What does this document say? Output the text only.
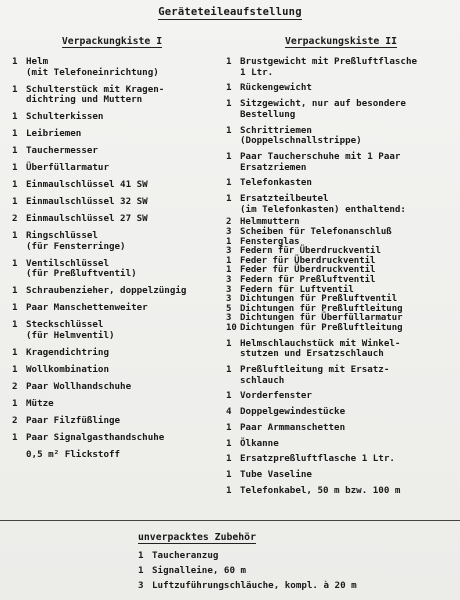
Geräteteileaufstellung
Verpackungkiste I
1 Helm
(mit Telefoneinrichtung)
1 Schulterstück mit Kragen-
dichtring und Muttern
1 Schulterkissen
1 Leibriemen
1 Tauchermesser
1 Überfüllarmatur
1 Einmaulschlüssel 41 SW
1 Einmaulschlüssel 32 SW
2 Einmaulschlüssel 27 SW
1 Ringschlüssel
(für Fensterringe)
1 Ventilschlüssel
(für Preßluftventil)
1 Schraubenzieher, doppelzüngig
1 Paar Manschettenweiter
1 Steckschlüssel
(für Helmventil)
1 Kragendichtring
1 Wollkombination
2 Paar Wollhandschuhe
1 Mütze
2 Paar Filzfüßlinge
1 Paar Signalgasthandschuhe
0,5 m² Flickstoff
Verpackungskiste II
1 Brustgewicht mit Preßluftflasche
1 Ltr.
1 Rückengewicht
1 Sitzgewicht, nur auf besondere
Bestellung
1 Schrittriemen
(Doppelschnallstrippe)
1 Paar Taucherschuhe mit 1 Paar
Ersatzriemen
1 Telefonkasten
1 Ersatzteilbeutel
(im Telefonkasten) enthaltend:
2 Helmmuttern
3 Scheiben für Telefonanschluß
1 Fensterglas
3 Federn für Überdruckventil
1 Feder für Überdruckventil
1 Feder für Überdruckventil
3 Federn für Preßluftventil
3 Federn für Luftventil
3 Dichtungen für Preßluftventil
5 Dichtungen für Preßluftleitung
3 Dichtungen für Überfüllarmatur
10 Dichtungen für Preßluftleitung
1 Helmschlauchstück mit Winkel-
stutzen und Ersatzschlauch
1 Preßluftleitung mit Ersatz-
schlauch
1 Vorderfenster
4 Doppelgewindestücke
1 Paar Armmanschetten
1 Ölkanne
1 Ersatzpreßluftflasche 1 Ltr.
1 Tube Vaseline
1 Telefonkabel, 50 m bzw. 100 m
unverpacktes Zubehör
1 Taucheranzug
1 Signalleine, 60 m
3 Luftzuführungschläuche, kompl. à 20 m
